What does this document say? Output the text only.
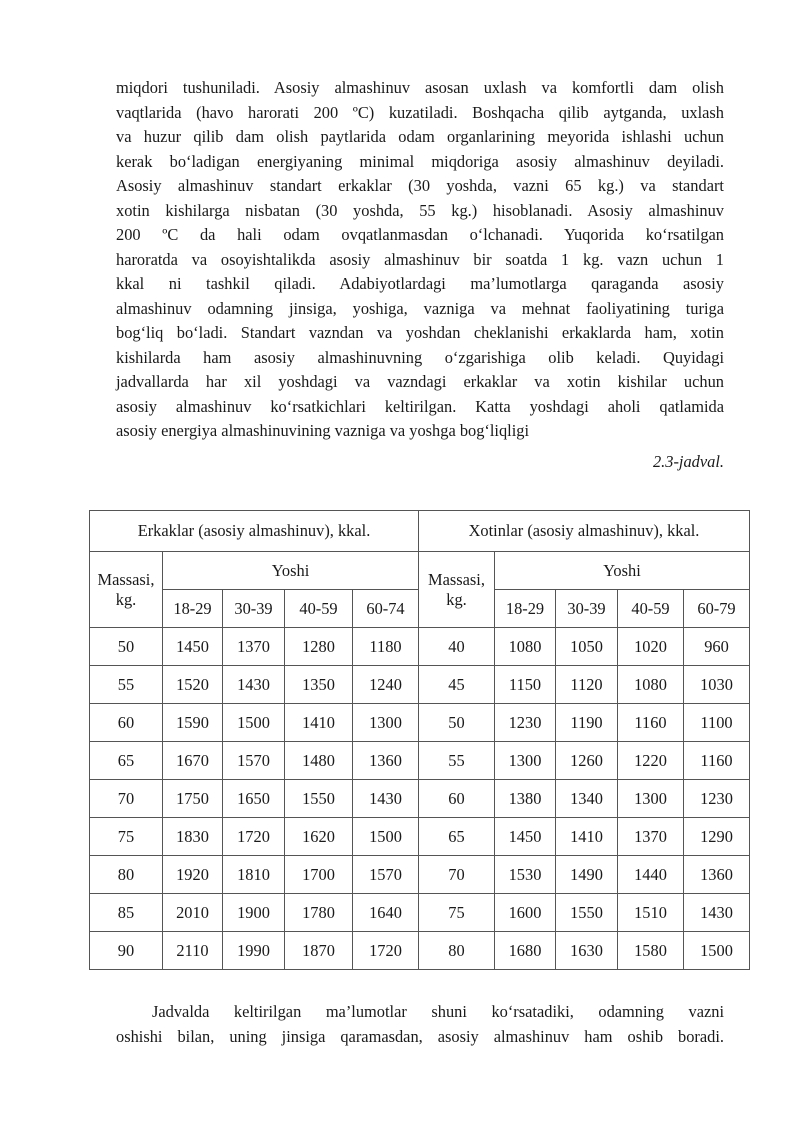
miqdori tushuniladi. Asosiy almashinuv asosan uxlash va komfortli dam olish
vaqtlarida (havo harorati 200 ºC) kuzatiladi. Boshqacha qilib aytganda, uxlash
va huzur qilib dam olish paytlarida odam organlarining meyorida ishlashi uchun
kerak bo‘ladigan energiyaning minimal miqdoriga asosiy almashinuv deyiladi.
Asosiy almashinuv standart erkaklar (30 yoshda, vazni 65 kg.) va standart
xotin kishilarga nisbatan (30 yoshda, 55 kg.) hisoblanadi. Asosiy almashinuv
200 ºC da hali odam ovqatlanmasdan o‘lchanadi. Yuqorida ko‘rsatilgan
haroratda va osoyishtalikda asosiy almashinuv bir soatda 1 kg. vazn uchun 1
kkal ni tashkil qiladi. Adabiyotlardagi ma’lumotlarga qaraganda asosiy
almashinuv odamning jinsiga, yoshiga, vazniga va mehnat faoliyatining turiga
bog‘liq bo‘ladi. Standart vazndan va yoshdan cheklanishi erkaklarda ham, xotin
kishilarda ham asosiy almashinuvning o‘zgarishiga olib keladi. Quyidagi
jadvallarda har xil yoshdagi va vazndagi erkaklar va xotin kishilar uchun
asosiy almashinuv ko‘rsatkichlari keltirilgan. Katta yoshdagi aholi qatlamida
asosiy energiya almashinuvining vazniga va yoshga bog‘liqligi

2.3-jadval.
Erkaklar (asosiy almashinuv), kkal.					Xotinlar (asosiy almashinuv), kkal.				
Massasi, kg.	Yoshi				Massasi, kg.	Yoshi			
	18-29	30-39	40-59	60-74		18-29	30-39	40-59	60-79
50	1450	1370	1280	1180	40	1080	1050	1020	960
55	1520	1430	1350	1240	45	1150	1120	1080	1030
60	1590	1500	1410	1300	50	1230	1190	1160	1100
65	1670	1570	1480	1360	55	1300	1260	1220	1160
70	1750	1650	1550	1430	60	1380	1340	1300	1230
75	1830	1720	1620	1500	65	1450	1410	1370	1290
80	1920	1810	1700	1570	70	1530	1490	1440	1360
85	2010	1900	1780	1640	75	1600	1550	1510	1430
90	2110	1990	1870	1720	80	1680	1630	1580	1500

Jadvalda keltirilgan ma’lumotlar shuni ko‘rsatadiki, odamning vazni
oshishi bilan, uning jinsiga qaramasdan, asosiy almashinuv ham oshib boradi.
